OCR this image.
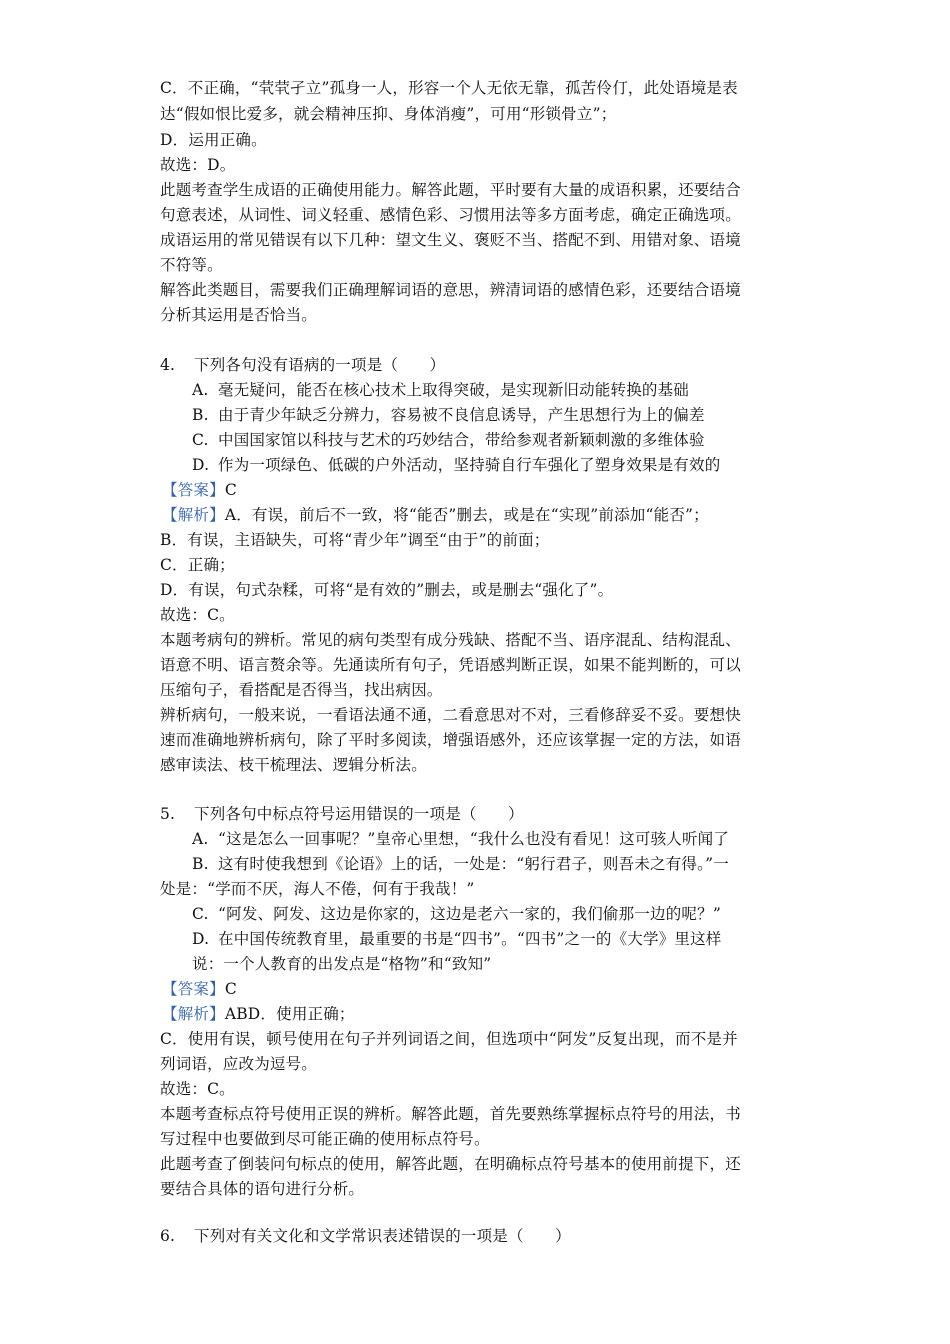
C．不正确，“茕茕孑立”孤身一人，形容一个人无依无靠，孤苦伶仃，此处语境是表
达“假如恨比爱多，就会精神压抑、身体消瘦”，可用“形锁骨立”；
D．运用正确。
故选：D。
此题考查学生成语的正确使用能力。解答此题，平时要有大量的成语积累，还要结合
句意表述，从词性、词义轻重、感情色彩、习惯用法等多方面考虑，确定正确选项。
成语运用的常见错误有以下几种：望文生义、褒贬不当、搭配不到、用错对象、语境
不符等。
解答此类题目，需要我们正确理解词语的意思，辨清词语的感情色彩，还要结合语境
分析其运用是否恰当。
4. 下列各句没有语病的一项是（　　）
A. 毫无疑问，能否在核心技术上取得突破，是实现新旧动能转换的基础
B. 由于青少年缺乏分辨力，容易被不良信息诱导，产生思想行为上的偏差
C. 中国国家馆以科技与艺术的巧妙结合，带给参观者新颖刺激的多维体验
D. 作为一项绿色、低碳的户外活动，坚持骑自行车强化了塑身效果是有效的
【答案】C
【解析】A．有误，前后不一致，将“能否”删去，或是在“实现”前添加“能否”；
B．有误，主语缺失，可将“青少年”调至“由于”的前面；
C．正确；
D．有误，句式杂糅，可将“是有效的”删去，或是删去“强化了”。
故选：C。
本题考病句的辨析。常见的病句类型有成分残缺、搭配不当、语序混乱、结构混乱、
语意不明、语言赘余等。先通读所有句子，凭语感判断正误，如果不能判断的，可以
压缩句子，看搭配是否得当，找出病因。
辨析病句，一般来说，一看语法通不通，二看意思对不对，三看修辞妥不妥。要想快
速而准确地辨析病句，除了平时多阅读，增强语感外，还应该掌握一定的方法，如语
感审读法、枝干梳理法、逻辑分析法。
5. 下列各句中标点符号运用错误的一项是（　　）
A. “这是怎么一回事呢？”皇帝心里想，“我什么也没有看见！这可骇人听闻了
B. 这有时使我想到《论语》上的话，一处是：“躬行君子，则吾未之有得。”一
处是：“学而不厌，海人不倦，何有于我哉！”
C. “阿发、阿发、这边是你家的，这边是老六一家的，我们偷那一边的呢？”
D. 在中国传统教育里，最重要的书是“四书”。“四书”之一的《大学》里这样
说：一个人教育的出发点是“格物”和“致知”
【答案】C
【解析】ABD．使用正确；
C．使用有误，顿号使用在句子并列词语之间，但选项中“阿发”反复出现，而不是并
列词语，应改为逗号。
故选：C。
本题考查标点符号使用正误的辨析。解答此题，首先要熟练掌握标点符号的用法，书
写过程中也要做到尽可能正确的使用标点符号。
此题考查了倒装问句标点的使用，解答此题，在明确标点符号基本的使用前提下，还
要结合具体的语句进行分析。
6. 下列对有关文化和文学常识表述错误的一项是（　　）
